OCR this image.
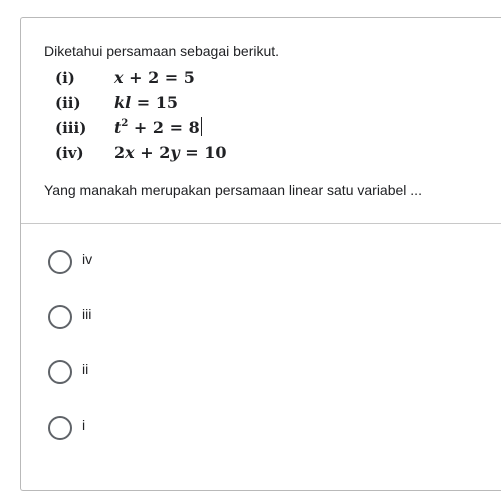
Diketahui persamaan sebagai berikut.
(i) x + 2 = 5
(ii) kl = 15
(iii) $t^2 + 2 = 8$
(iv) 2x + 2y = 10
Yang manakah merupakan persamaan linear satu variabel ...
iv
iii
ii
i
